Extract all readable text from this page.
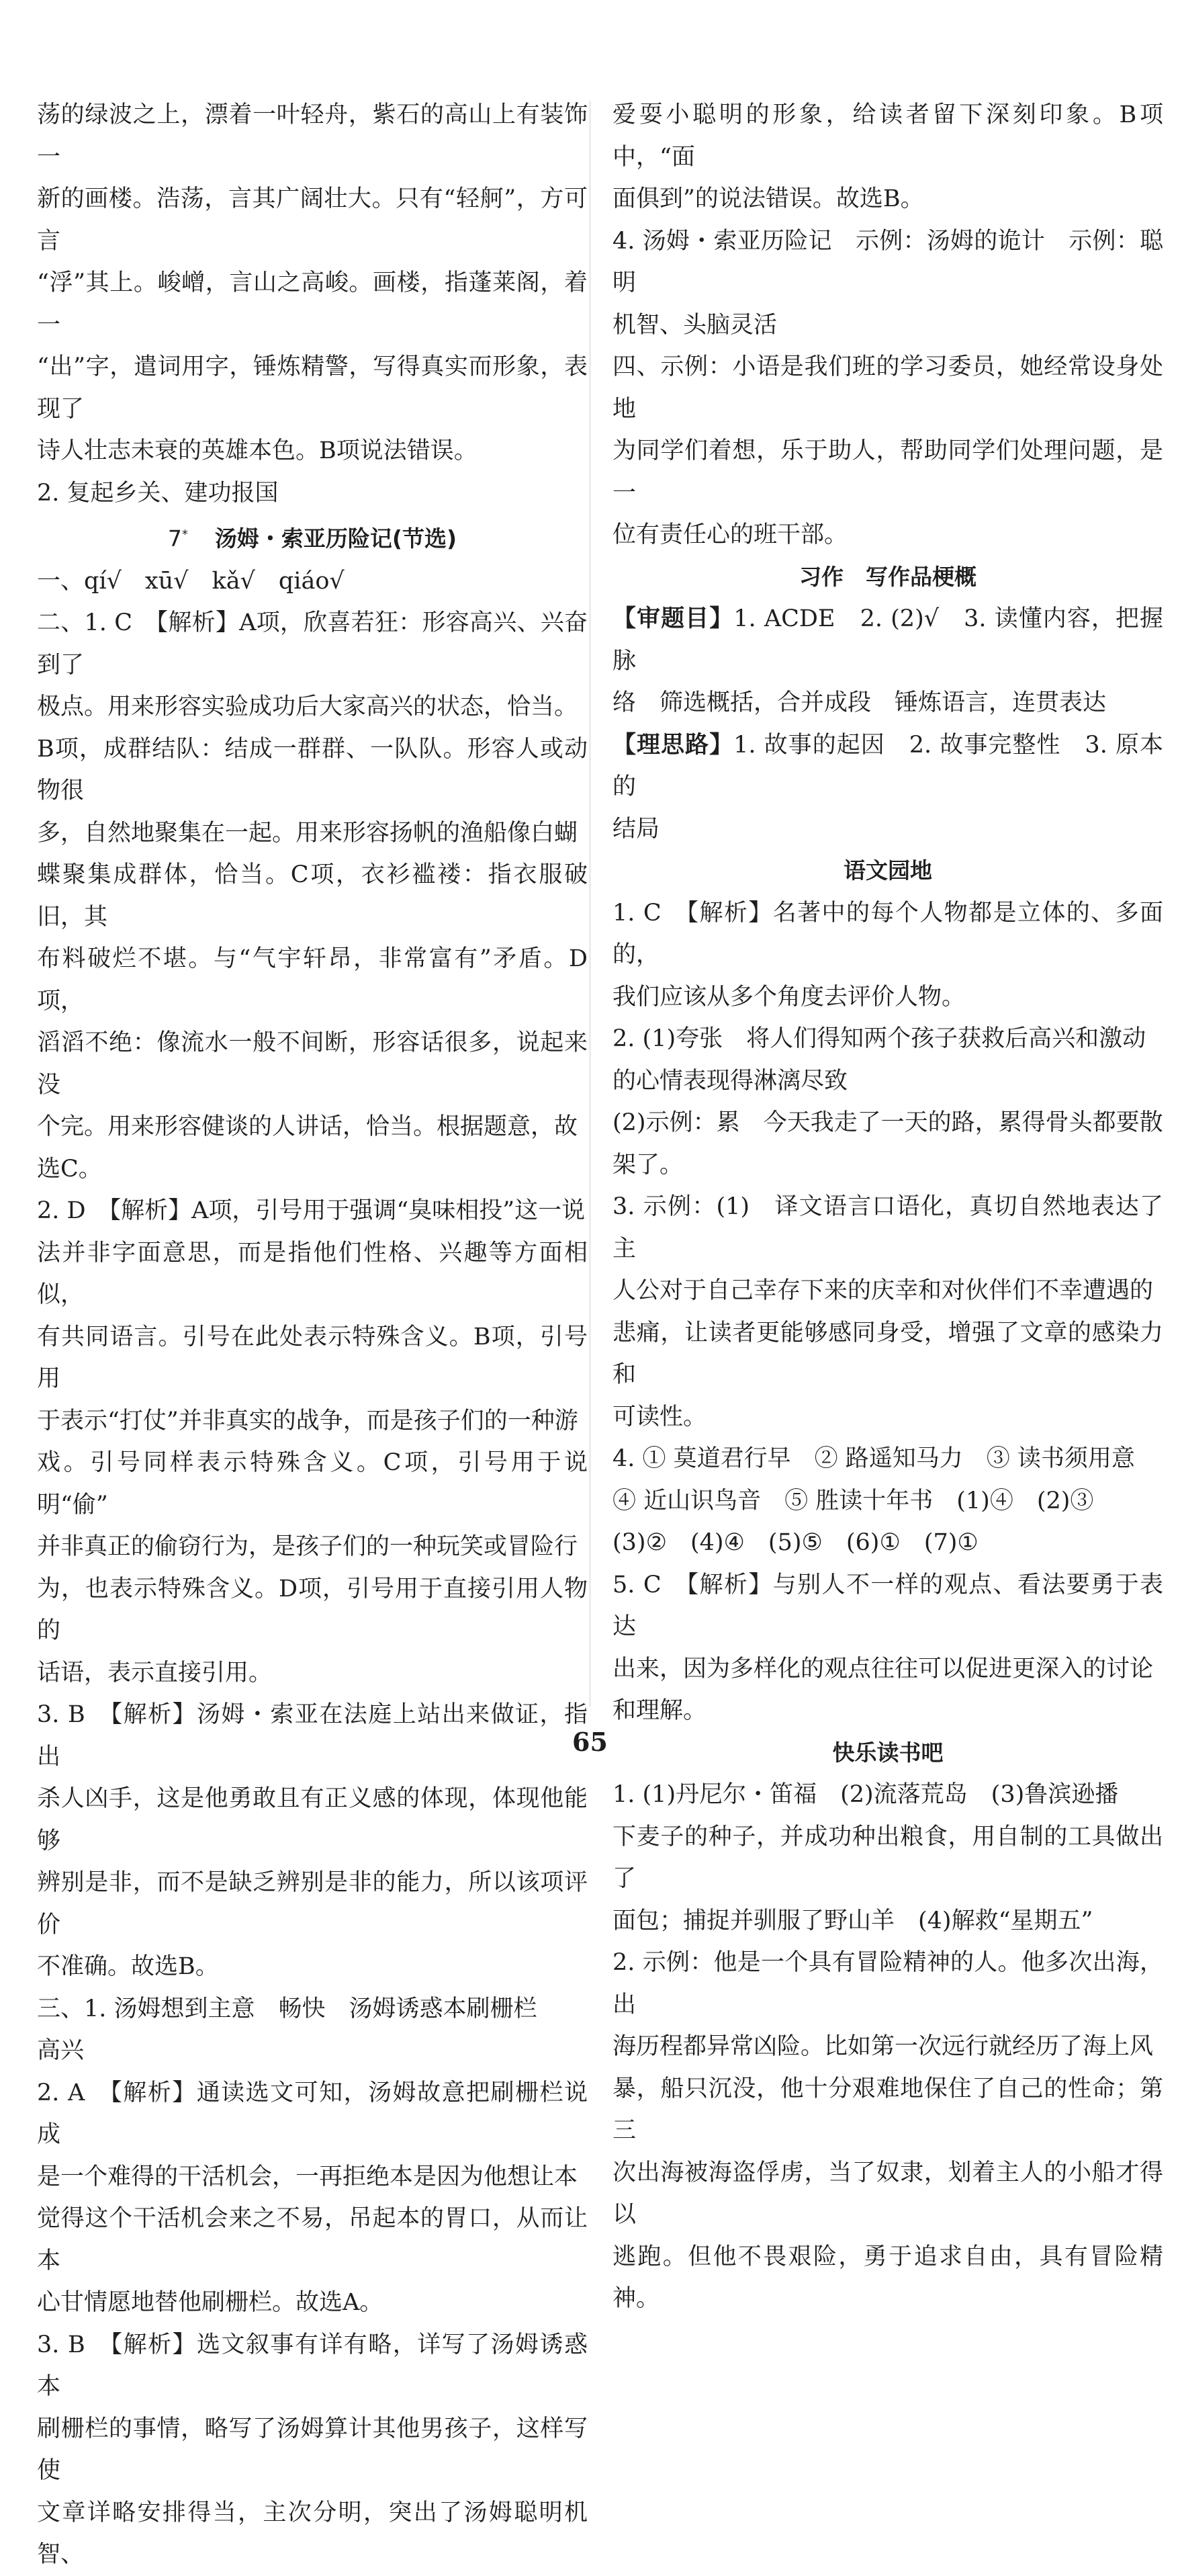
荡的绿波之上，漂着一叶轻舟，紫石的高山上有装饰一

新的画楼。浩荡，言其广阔壮大。只有“轻舸”，方可言

“浮”其上。峻嶒，言山之高峻。画楼，指蓬莱阁，着一

“出”字，遣词用字，锤炼精警，写得真实而形象，表现了

诗人壮志未衰的英雄本色。B项说法错误。

2. 复起乡关、建功报国

7* 汤姆・索亚历险记(节选)

一、qí√　xū√　kǎ√　qiáo√

二、1. C　【解析】A项，欣喜若狂：形容高兴、兴奋到了

极点。用来形容实验成功后大家高兴的状态，恰当。

B项，成群结队：结成一群群、一队队。形容人或动物很

多，自然地聚集在一起。用来形容扬帆的渔船像白蝴

蝶聚集成群体，恰当。C项，衣衫褴褛：指衣服破旧，其

布料破烂不堪。与“气宇轩昂，非常富有”矛盾。D项，

滔滔不绝：像流水一般不间断，形容话很多，说起来没

个完。用来形容健谈的人讲话，恰当。根据题意，故

选C。

2. D　【解析】A项，引号用于强调“臭味相投”这一说

法并非字面意思，而是指他们性格、兴趣等方面相似，

有共同语言。引号在此处表示特殊含义。B项，引号用

于表示“打仗”并非真实的战争，而是孩子们的一种游

戏。引号同样表示特殊含义。C项，引号用于说明“偷”

并非真正的偷窃行为，是孩子们的一种玩笑或冒险行

为，也表示特殊含义。D项，引号用于直接引用人物的

话语，表示直接引用。

3. B　【解析】汤姆・索亚在法庭上站出来做证，指出

杀人凶手，这是他勇敢且有正义感的体现，体现他能够

辨别是非，而不是缺乏辨别是非的能力，所以该项评价

不准确。故选B。

三、1. 汤姆想到主意　畅快　汤姆诱惑本刷栅栏

高兴

2. A　【解析】通读选文可知，汤姆故意把刷栅栏说成

是一个难得的干活机会，一再拒绝本是因为他想让本

觉得这个干活机会来之不易，吊起本的胃口，从而让本

心甘情愿地替他刷栅栏。故选A。

3. B　【解析】选文叙事有详有略，详写了汤姆诱惑本

刷栅栏的事情，略写了汤姆算计其他男孩子，这样写使

文章详略安排得当，主次分明，突出了汤姆聪明机智、

爱耍小聪明的形象，给读者留下深刻印象。B项中，“面

面俱到”的说法错误。故选B。

4. 汤姆・索亚历险记　示例：汤姆的诡计　示例：聪明

机智、头脑灵活

四、示例：小语是我们班的学习委员，她经常设身处地

为同学们着想，乐于助人，帮助同学们处理问题，是一

位有责任心的班干部。

习作　写作品梗概

【审题目】1. ACDE　2. (2)√　3. 读懂内容，把握脉

络　筛选概括，合并成段　锤炼语言，连贯表达

【理思路】1. 故事的起因　2. 故事完整性　3. 原本的

结局

语文园地

1. C　【解析】名著中的每个人物都是立体的、多面的，

我们应该从多个角度去评价人物。

2. (1)夸张　将人们得知两个孩子获救后高兴和激动

的心情表现得淋漓尽致

(2)示例：累　今天我走了一天的路，累得骨头都要散

架了。

3. 示例：(1)　译文语言口语化，真切自然地表达了主

人公对于自己幸存下来的庆幸和对伙伴们不幸遭遇的

悲痛，让读者更能够感同身受，增强了文章的感染力和

可读性。

4. ① 莫道君行早　② 路遥知马力　③ 读书须用意

④ 近山识鸟音　⑤ 胜读十年书　(1)④　(2)③

(3)②　(4)④　(5)⑤　(6)①　(7)①

5. C　【解析】与别人不一样的观点、看法要勇于表达

出来，因为多样化的观点往往可以促进更深入的讨论

和理解。

快乐读书吧

1. (1)丹尼尔・笛福　(2)流落荒岛　(3)鲁滨逊播

下麦子的种子，并成功种出粮食，用自制的工具做出了

面包；捕捉并驯服了野山羊　(4)解救“星期五”

2. 示例：他是一个具有冒险精神的人。他多次出海，出

海历程都异常凶险。比如第一次远行就经历了海上风

暴，船只沉没，他十分艰难地保住了自己的性命；第三

次出海被海盗俘虏，当了奴隶，划着主人的小船才得以

逃跑。但他不畏艰险，勇于追求自由，具有冒险精神。

65
